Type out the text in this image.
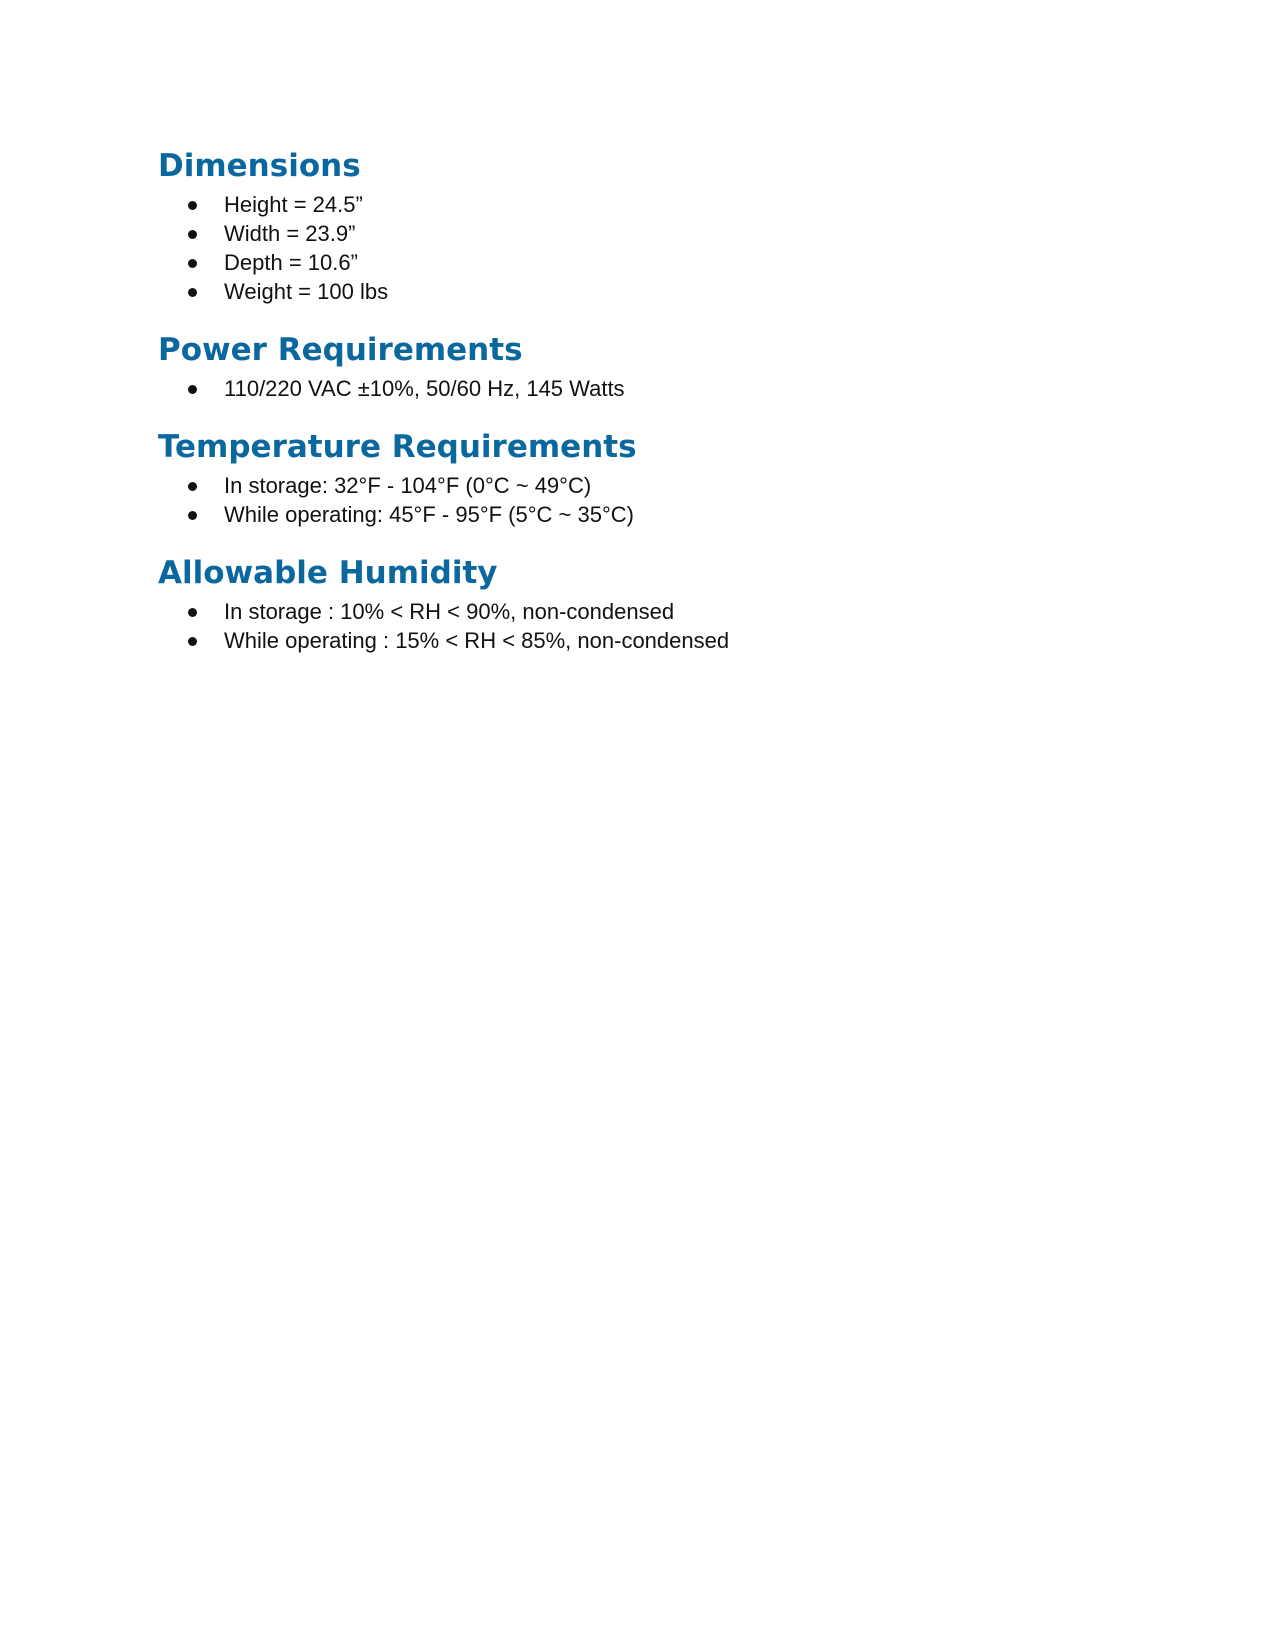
Dimensions
Height = 24.5”
Width = 23.9”
Depth = 10.6”
Weight = 100 lbs
Power Requirements
110/220 VAC ±10%, 50/60 Hz, 145 Watts
Temperature Requirements
In storage: 32°F - 104°F (0°C ~ 49°C)
While operating: 45°F - 95°F (5°C ~ 35°C)
Allowable Humidity
In storage : 10% < RH < 90%, non-condensed
While operating : 15% < RH < 85%, non-condensed
